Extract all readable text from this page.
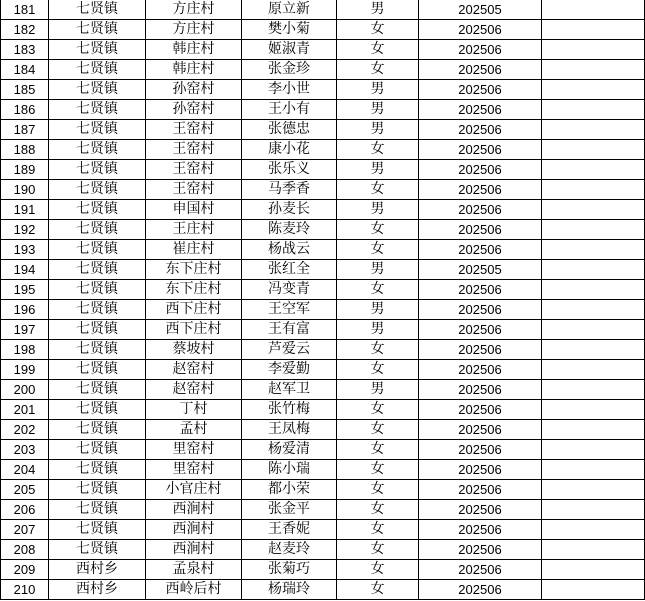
181	七贤镇	方庄村	原立新	男	202505	
182	七贤镇	方庄村	樊小菊	女	202506	
183	七贤镇	韩庄村	姬淑青	女	202506	
184	七贤镇	韩庄村	张金珍	女	202506	
185	七贤镇	孙窑村	李小世	男	202506	
186	七贤镇	孙窑村	王小有	男	202506	
187	七贤镇	王窑村	张德忠	男	202506	
188	七贤镇	王窑村	康小花	女	202506	
189	七贤镇	王窑村	张乐义	男	202506	
190	七贤镇	王窑村	马季香	女	202506	
191	七贤镇	申国村	孙麦长	男	202506	
192	七贤镇	王庄村	陈麦玲	女	202506	
193	七贤镇	崔庄村	杨战云	女	202506	
194	七贤镇	东下庄村	张红全	男	202505	
195	七贤镇	东下庄村	冯变青	女	202506	
196	七贤镇	西下庄村	王空军	男	202506	
197	七贤镇	西下庄村	王有富	男	202506	
198	七贤镇	蔡坡村	芦爱云	女	202506	
199	七贤镇	赵窑村	李爱勤	女	202506	
200	七贤镇	赵窑村	赵军卫	男	202506	
201	七贤镇	丁村	张竹梅	女	202506	
202	七贤镇	孟村	王凤梅	女	202506	
203	七贤镇	里窑村	杨爱清	女	202506	
204	七贤镇	里窑村	陈小瑞	女	202506	
205	七贤镇	小官庄村	都小荣	女	202506	
206	七贤镇	西涧村	张金平	女	202506	
207	七贤镇	西涧村	王香妮	女	202506	
208	七贤镇	西涧村	赵麦玲	女	202506	
209	西村乡	孟泉村	张菊巧	女	202506	
210	西村乡	西岭后村	杨瑞玲	女	202506	
